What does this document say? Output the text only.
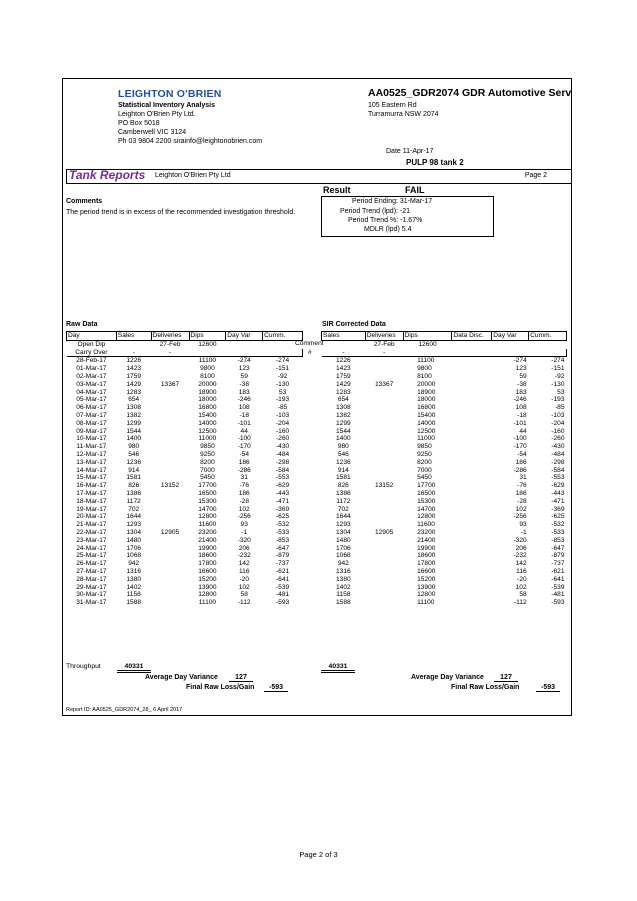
LEIGHTON O'BRIEN
Statistical Inventory Analysis
Leighton O'Brien Pty Ltd.
PO Box 5018
Camberwell VIC 3124
Ph 03 9804 2200 sirainfo@leightonobrien.com
AA0525_GDR2074 GDR Automotive Serv
105 Eastern Rd
Turramurra NSW 2074
Date 11-Apr-17
PULP 98 tank 2
Tank Reports Leighton O'Brien Pty Ltd	Page 2
Result	FAIL
Period Ending: 31-Mar-17
Period Trend (lpd): -21
Period Trend %: -1.67%
MDLR (lpd) 5.4
Comments
The period trend is in excess of the recommended investigation threshold.
Raw Data	SIR Corrected Data
Day	Sales	Deliveries	Dips	Day Var	Cumm.
Open Dip		27-Feb	12600		
Carry Over	-	-			
28-Feb-17	1226		11100	-274	-274
01-Mar-17	1423		9800	123	-151
02-Mar-17	1759		8100	59	-92
03-Mar-17	1429	13367	20000	-38	-130
04-Mar-17	1283		18900	183	53
05-Mar-17	654		18000	-246	-193
06-Mar-17	1308		16800	108	-85
07-Mar-17	1382		15400	-18	-103
08-Mar-17	1299		14000	-101	-204
09-Mar-17	1544		12500	44	-160
10-Mar-17	1400		11000	-100	-260
11-Mar-17	980		9850	-170	-430
12-Mar-17	546		9250	-54	-484
13-Mar-17	1236		8200	186	-298
14-Mar-17	914		7000	-286	-584
15-Mar-17	1581		5450	31	-553
16-Mar-17	826	13152	17700	-76	-629
17-Mar-17	1386		16500	186	-443
18-Mar-17	1172		15300	-28	-471
19-Mar-17	702		14700	102	-369
20-Mar-17	1644		12800	-256	-625
21-Mar-17	1293		11600	93	-532
22-Mar-17	1304	12905	23200	-1	-533
23-Mar-17	1480		21400	-320	-853
24-Mar-17	1706		19900	206	-647
25-Mar-17	1068		18600	-232	-879
26-Mar-17	942		17800	142	-737
27-Mar-17	1316		16600	116	-621
28-Mar-17	1380		15200	-20	-641
29-Mar-17	1402		13900	102	-539
30-Mar-17	1158		12800	58	-481
31-Mar-17	1588		11100	-112	-593
Comment
#
Sales	Deliveries	Dips	Data Disc.	Day Var	Cumm.
	27-Feb	12600			
-	-				
1226		11100		-274	-274
1423		9800		123	-151
1759		8100		59	-92
1429	13367	20000		-38	-130
1283		18900		183	53
654		18000		-246	-193
1308		16800		108	-85
1382		15400		-18	-103
1299		14000		-101	-204
1544		12500		44	-160
1400		11000		-100	-260
980		9850		-170	-430
546		9250		-54	-484
1236		8200		186	-298
914		7000		-286	-584
1581		5450		31	-553
826	13152	17700		-76	-629
1386		16500		186	-443
1172		15300		-28	-471
702		14700		102	-369
1644		12800		-256	-625
1293		11600		93	-532
1304	12905	23200		-1	-533
1480		21400		-320	-853
1706		19900		206	-647
1068		18600		-232	-879
942		17800		142	-737
1316		16600		116	-621
1380		15200		-20	-641
1402		13900		102	-539
1158		12800		58	-481
1588		11100		-112	-593
Throughput	40331	40331
Average Day Variance	127
Final Raw Loss/Gain	-593
Average Day Variance	127
Final Raw Loss/Gain	-593
Report ID: AA0525_GDR2074_28_ 6 April 2017
Page 2 of 3
